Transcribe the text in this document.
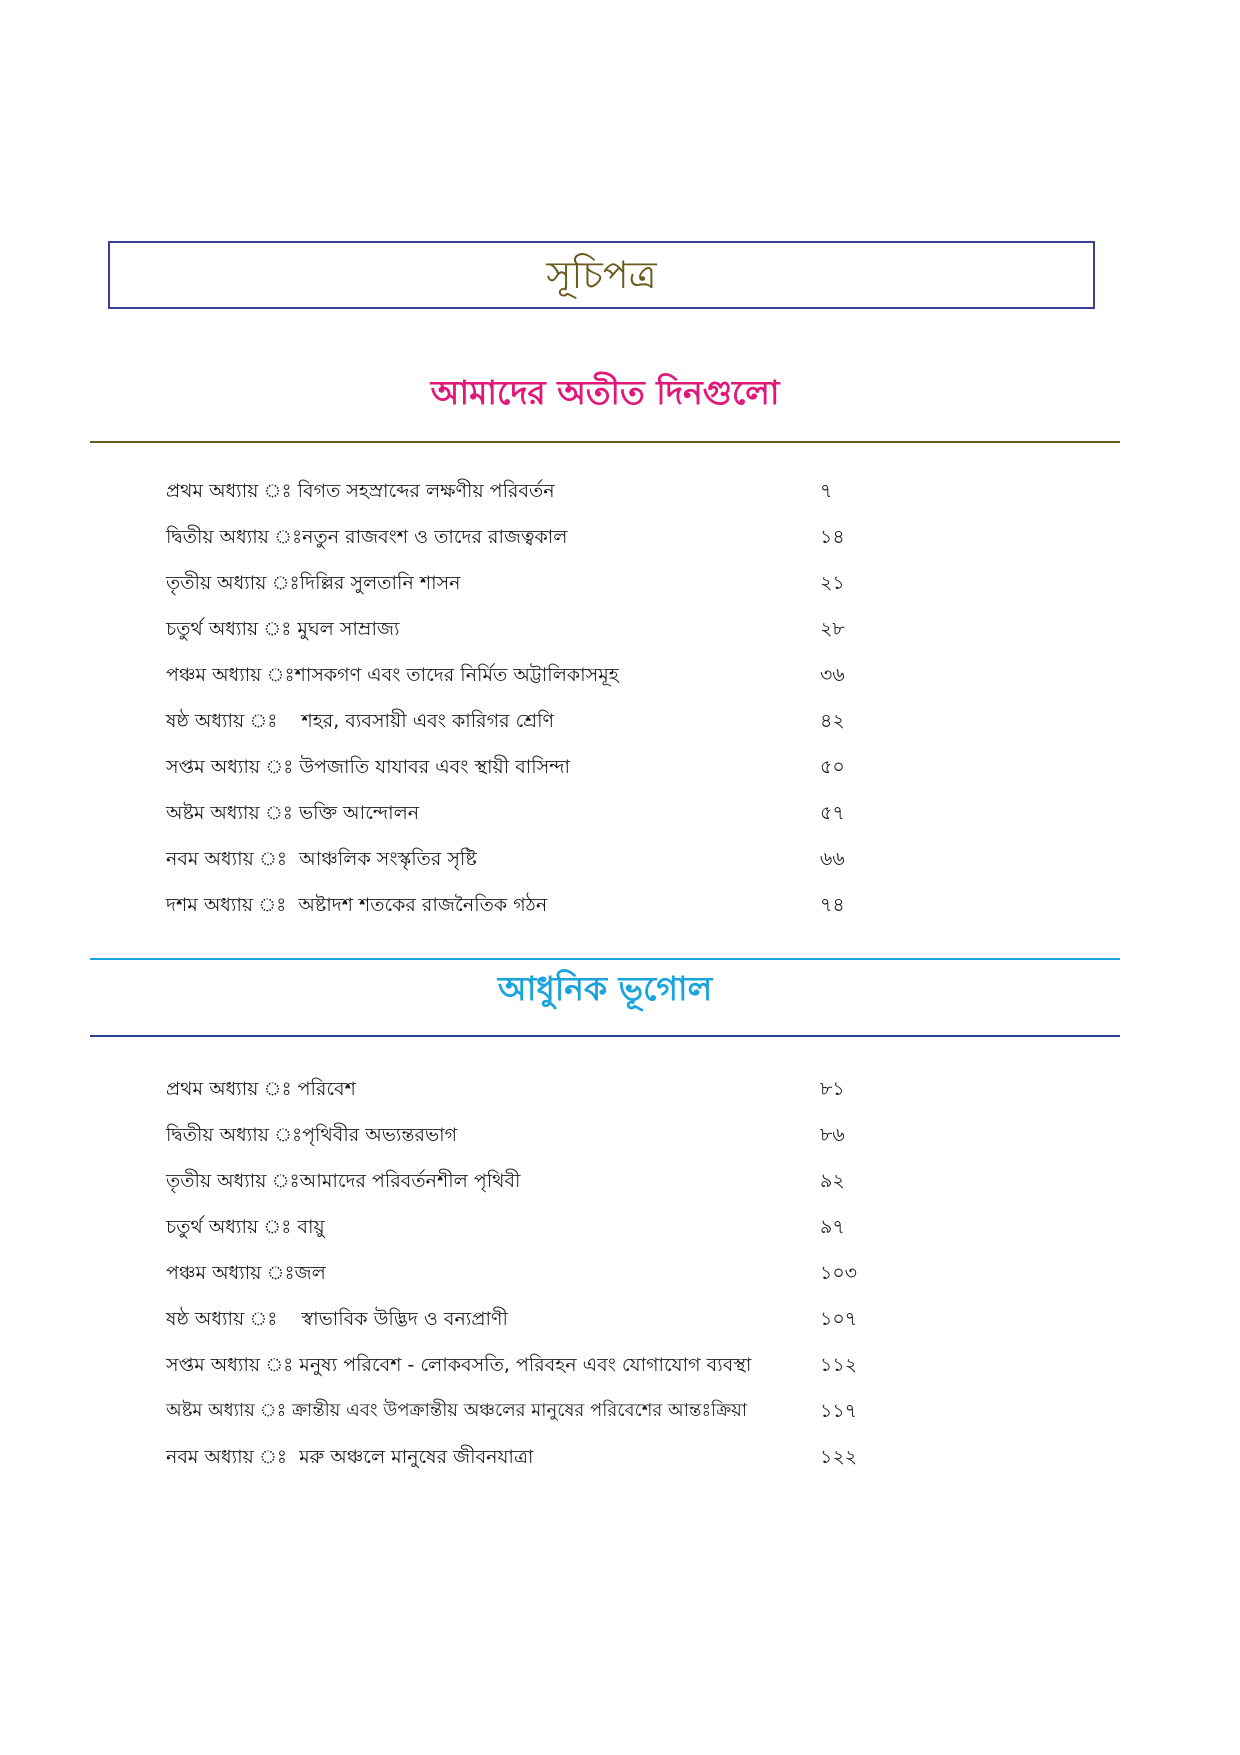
সূচিপত্র
আমাদের অতীত দিনগুলো
প্রথম অধ্যায় ঃ বিগত সহস্রাব্দের লক্ষণীয় পরিবর্তন	৭
দ্বিতীয় অধ্যায় ঃনতুন রাজবংশ ও তাদের রাজত্বকাল	১৪
তৃতীয় অধ্যায় ঃদিল্লির সুলতানি শাসন	২১
চতুর্থ অধ্যায় ঃ মুঘল সাম্রাজ্য	২৮
পঞ্চম অধ্যায় ঃশাসকগণ এবং তাদের নির্মিত অট্টালিকাসমূহ	৩৬
ষষ্ঠ অধ্যায় ঃ    শহর, ব্যবসায়ী এবং কারিগর শ্রেণি	৪২
সপ্তম অধ্যায় ঃ উপজাতি যাযাবর এবং স্থায়ী বাসিন্দা	৫০
অষ্টম অধ্যায় ঃ ভক্তি আন্দোলন	৫৭
নবম অধ্যায় ঃ  আঞ্চলিক সংস্কৃতির সৃষ্টি	৬৬
দশম অধ্যায় ঃ  অষ্টাদশ শতকের রাজনৈতিক গঠন	৭৪
আধুনিক ভূগোল
প্রথম অধ্যায় ঃ পরিবেশ	৮১
দ্বিতীয় অধ্যায় ঃপৃথিবীর অভ্যন্তরভাগ	৮৬
তৃতীয় অধ্যায় ঃআমাদের পরিবর্তনশীল পৃথিবী	৯২
চতুর্থ অধ্যায় ঃ বায়ু	৯৭
পঞ্চম অধ্যায় ঃজল	১০৩
ষষ্ঠ অধ্যায় ঃ    স্বাভাবিক উদ্ভিদ ও বন্যপ্রাণী	১০৭
সপ্তম অধ্যায় ঃ মনুষ্য পরিবেশ - লোকবসতি, পরিবহন এবং যোগাযোগ ব্যবস্থা	১১২
অষ্টম অধ্যায় ঃ ক্রান্তীয় এবং উপক্রান্তীয় অঞ্চলের মানুষের পরিবেশের আন্তঃক্রিয়া	১১৭
নবম অধ্যায় ঃ  মরু অঞ্চলে মানুষের জীবনযাত্রা	১২২
